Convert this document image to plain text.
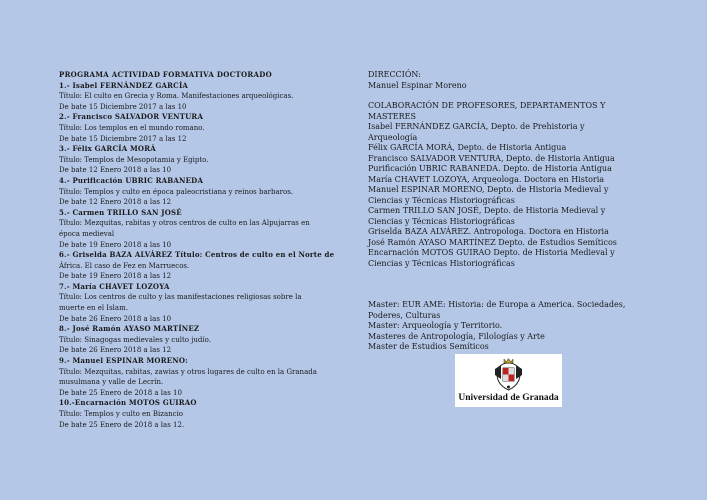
PROGRAMA ACTIVIDAD FORMATIVA DOCTORADO
1.- Isabel FERNÁNDEZ GARCÍA
Título: El culto en Grecia y Roma. Manifestaciones arqueológicas.
De bate 15 Diciembre 2017 a las 10
2.- Francisco SALVADOR VENTURA
Título: Los templos en el mundo romano.
De bate 15 Diciembre 2017 a las 12
3.- Félix GARCÍA MORÁ
Título: Templos de Mesopotamia y Egipto.
De bate 12 Enero 2018 a las 10
4.- Purificación UBRIC RABANEDA
Título: Templos y culto en época paleocristiana y reinos barbaros.
De bate 12 Enero 2018 a las 12
5.- Carmen TRILLO SAN JOSÉ
Título: Mezquitas, rabitas y otros centros de culto en las Alpujarras en
época medieval
De bate 19 Enero 2018 a las 10
6.- Griselda BAZA ALVÁREZ Título: Centros de culto en el Norte de
África. El caso de Fez en Marruecos.
De bate 19 Enero 2018 a las 12
7.- María CHAVET LOZOYA
Título: Los centros de culto y las manifestaciones religiosas sobre la
muerte en el Islam.
De bate 26 Enero 2018 a las 10
8.- José Ramón AYASO MARTÍNEZ
Título: Sinagogas medievales y culto judío.
De bate 26 Enero 2018 a las 12
9.- Manuel ESPINAR MORENO:
Título: Mezquitas, rabitas, zawias y otros lugares de culto en la Granada
musulmana y valle de Lecrín.
De bate 25 Enero de 2018 a las 10
10.-Encarnación MOTOS GUIRAO
Título: Templos y culto en Bizancio
De bate 25 Enero de 2018 a las 12.

DIRECCIÓN:

Manuel Espinar Moreno

COLABORACIÓN DE PROFESORES, DEPARTAMENTOS Y
MASTERES
Isabel FERNÁNDEZ GARCÍA, Depto. de Prehistoria y
Arqueología
Félix GARCÍA MORÁ, Depto. de Historia Antigua
Francisco SALVADOR VENTURA, Depto. de Historia Antigua
Purificación UBRIC RABANEDA. Depto. de Historia Antigua
María CHAVET LOZOYA, Arqueologa. Doctora en Historia
Manuel ESPINAR MORENO, Depto. de Historia Medieval y
Ciencias y Técnicas Historiográficas
Carmen TRILLO SAN JOSÉ, Depto. de Historia Medieval y
Ciencias y Técnicas Historiográficas
Griselda BAZA ALVÁREZ. Antropologa. Doctora en Historia
José Ramón AYASO MARTÍNEZ Depto. de Estudios Semíticos
Encarnación MOTOS GUIRAO Depto. de Historia Medieval y
Ciencias y Técnicas Historiográficas
Master: EUR AME: Historia: de Europa a America. Sociedades,
Poderes, Culturas
Master: Arqueología y Territorio.
Masteres de Antropología, Filologías y Arte
Master de Estudios Semíticos
Universidad de Granada
